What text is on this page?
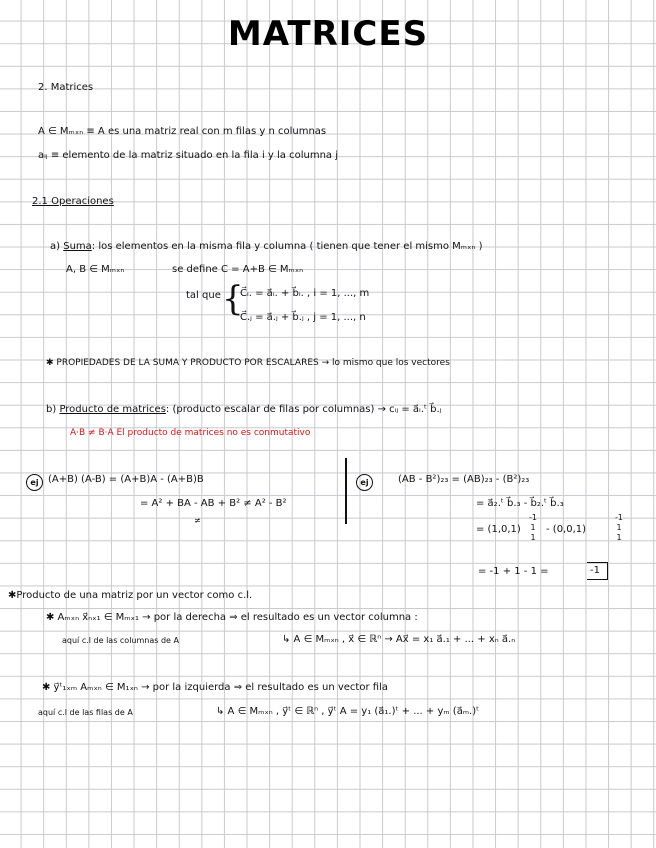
MATRICES
2. Matrices
A ∈ Mₘₓₙ ≡ A es una matriz real con m filas y n columnas
aᵢⱼ ≡ elemento de la matriz situado en la fila i y la columna j
2.1 Operaciones
a) Suma: los elementos en la misma fila y columna ( tienen que tener el mismo Mₘₓₙ )
A, B ∈ Mₘₓₙ	se define C = A+B ∈ Mₘₓₙ
tal que {
C⃗ᵢ. = a⃗ᵢ. + b⃗ᵢ. , i = 1, ..., m
C⃗.ⱼ = a⃗.ⱼ + b⃗.ⱼ , j = 1, ..., n
✱ PROPIEDADES DE LA SUMA Y PRODUCTO POR ESCALARES → lo mismo que los vectores
b) Producto de matrices: (producto escalar de filas por columnas) → cᵢⱼ = a⃗ᵢ.ᵗ b⃗.ⱼ
A·B ≠ B·A El producto de matrices no es conmutativo
ej (A+B) (A-B) = (A+B)A - (A+B)B
= A² + BA - AB + B² ≠ A² - B²
≠
ej	(AB - B²)₂₃ = (AB)₂₃ - (B²)₂₃
= a⃗₂.ᵗ b⃗.₃ - b⃗₂.ᵗ b⃗.₃
= (1,0,1)
-1
1
1
- (0,0,1)
-1
1
1
= -1 + 1 - 1 =	-1
✱Producto de una matriz por un vector como c.l.
✱ Aₘₓₙ x⃗ₙₓ₁ ∈ Mₘₓ₁ → por la derecha ⇒ el resultado es un vector columna :
aquí c.l de las columnas de A	↳ A ∈ Mₘₓₙ , x⃗ ∈ ℝⁿ → Ax⃗ = x₁ a⃗.₁ + ... + xₙ a⃗.ₙ
✱ y⃗ᵗ₁ₓₘ Aₘₓₙ ∈ M₁ₓₙ → por la izquierda ⇒ el resultado es un vector fila
aquí c.l de las filas de A	↳ A ∈ Mₘₓₙ , y⃗ᵗ ∈ ℝⁿ , y⃗ᵗ A = y₁ (a⃗₁.)ᵗ + ... + yₘ (a⃗ₘ.)ᵗ
